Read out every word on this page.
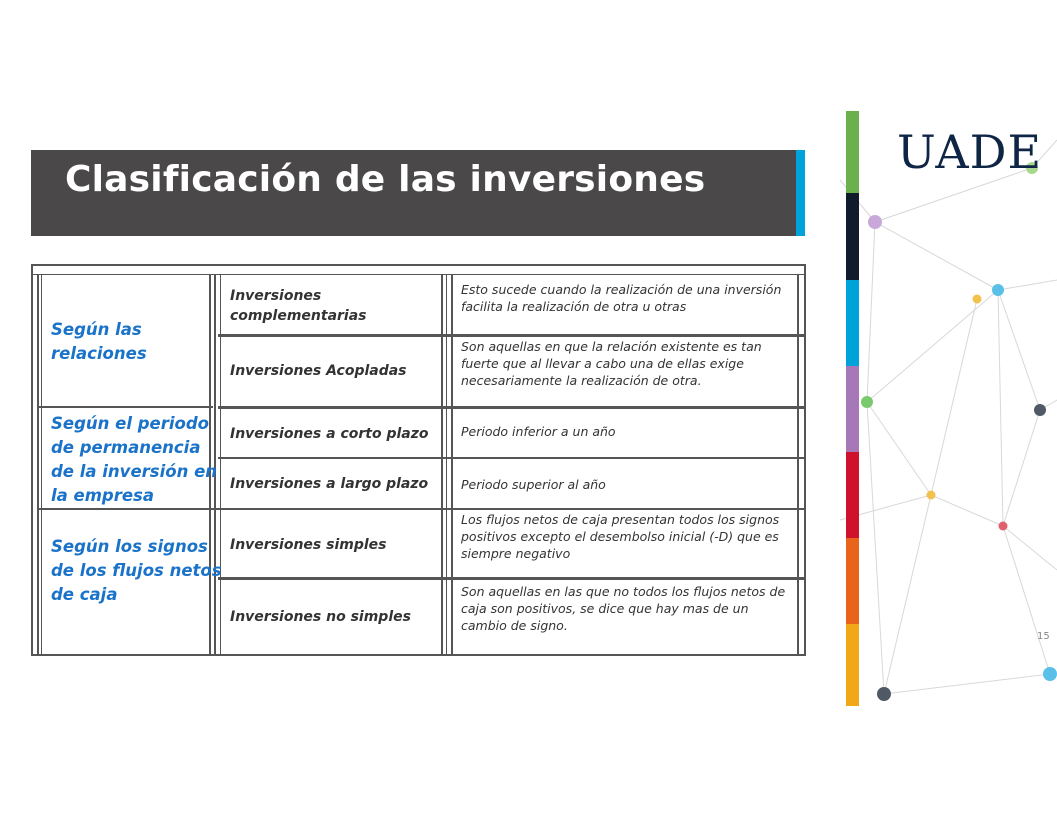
Clasificación de las inversiones
Según las relaciones
Inversiones complementarias
Esto sucede cuando la realización de una inversión facilita la realización de otra u otras
Inversiones Acopladas
Son aquellas en que la relación existente es tan fuerte que al llevar a cabo una de ellas exige necesariamente la realización de otra.
Según el periodo de permanencia de la inversión en la empresa
Inversiones a corto plazo	Periodo inferior a un año
Inversiones a largo plazo	Periodo superior al año
Según los signos de los flujos netos de caja
Inversiones simples
Los flujos netos de caja presentan todos los signos positivos excepto el desembolso inicial (-D) que es siempre negativo
Inversiones no simples
Son aquellas en las que no todos los flujos netos de caja son positivos, se dice que hay mas de un cambio de signo.
UADE
15
